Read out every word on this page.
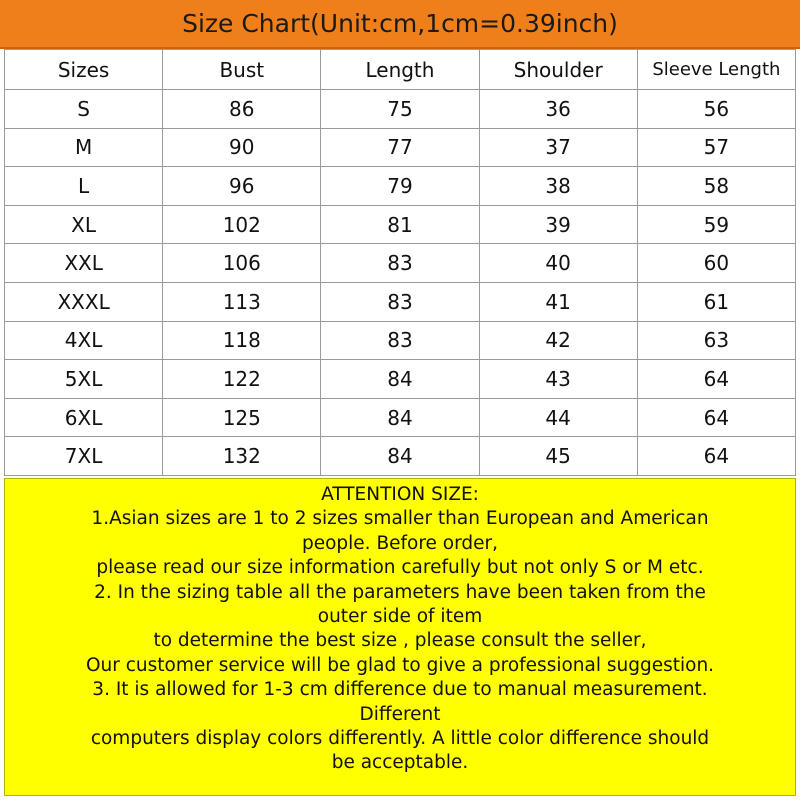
Size Chart(Unit:cm,1cm=0.39inch)
Sizes	Bust	Length	Shoulder	Sleeve Length
S	86	75	36	56
M	90	77	37	57
L	96	79	38	58
XL	102	81	39	59
XXL	106	83	40	60
XXXL	113	83	41	61
4XL	118	83	42	63
5XL	122	84	43	64
6XL	125	84	44	64
7XL	132	84	45	64
ATTENTION SIZE:
1.Asian sizes are 1 to 2 sizes smaller than European and American
people. Before order,
please read our size information carefully but not only S or M etc.
2. In the sizing table all the parameters have been taken from the
outer side of item
to determine the best size , please consult the seller,
Our customer service will be glad to give a professional suggestion.
3. It is allowed for 1-3 cm difference due to manual measurement.
Different
computers display colors differently. A little color difference should
be acceptable.
